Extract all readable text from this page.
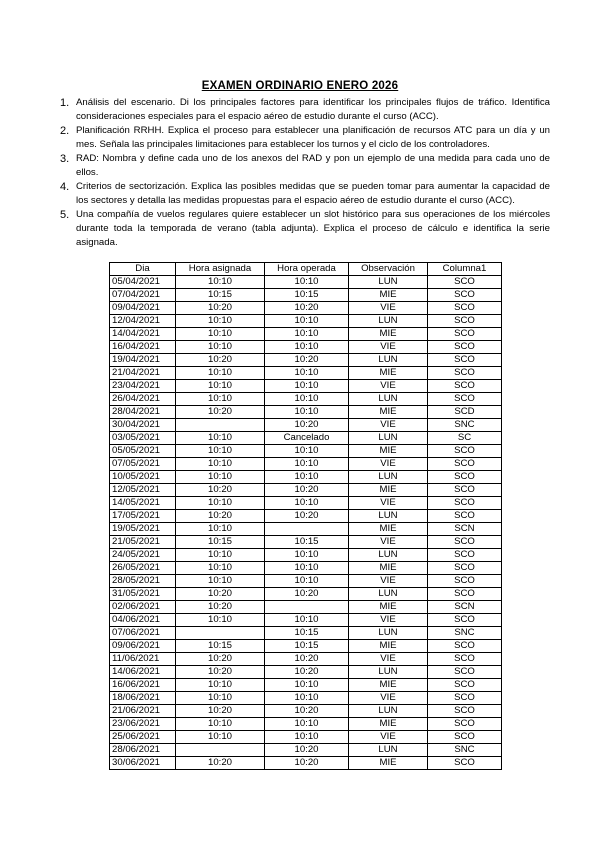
EXAMEN ORDINARIO ENERO 2026
1. Análisis del escenario. Di los principales factores para identificar los principales flujos de tráfico. Identifica consideraciones especiales para el espacio aéreo de estudio durante el curso (ACC).
2. Planificación RRHH. Explica el proceso para establecer una planificación de recursos ATC para un día y un mes. Señala las principales limitaciones para establecer los turnos y el ciclo de los controladores.
3. RAD: Nombra y define cada uno de los anexos del RAD y pon un ejemplo de una medida para cada uno de ellos.
4. Criterios de sectorización. Explica las posibles medidas que se pueden tomar para aumentar la capacidad de los sectores y detalla las medidas propuestas para el espacio aéreo de estudio durante el curso (ACC).
5. Una compañía de vuelos regulares quiere establecer un slot histórico para sus operaciones de los miércoles durante toda la temporada de verano (tabla adjunta). Explica el proceso de cálculo e identifica la serie asignada.
Dia	Hora asignada	Hora operada	Observación	Columna1
05/04/2021	10:10	10:10	LUN	SCO
07/04/2021	10:15	10:15	MIE	SCO
09/04/2021	10:20	10:20	VIE	SCO
12/04/2021	10:10	10:10	LUN	SCO
14/04/2021	10:10	10:10	MIE	SCO
16/04/2021	10:10	10:10	VIE	SCO
19/04/2021	10:20	10:20	LUN	SCO
21/04/2021	10:10	10:10	MIE	SCO
23/04/2021	10:10	10:10	VIE	SCO
26/04/2021	10:10	10:10	LUN	SCO
28/04/2021	10:20	10:10	MIE	SCD
30/04/2021		10:20	VIE	SNC
03/05/2021	10:10	Cancelado	LUN	SC
05/05/2021	10:10	10:10	MIE	SCO
07/05/2021	10:10	10:10	VIE	SCO
10/05/2021	10:10	10:10	LUN	SCO
12/05/2021	10:20	10:20	MIE	SCO
14/05/2021	10:10	10:10	VIE	SCO
17/05/2021	10:20	10:20	LUN	SCO
19/05/2021	10:10		MIE	SCN
21/05/2021	10:15	10:15	VIE	SCO
24/05/2021	10:10	10:10	LUN	SCO
26/05/2021	10:10	10:10	MIE	SCO
28/05/2021	10:10	10:10	VIE	SCO
31/05/2021	10:20	10:20	LUN	SCO
02/06/2021	10:20		MIE	SCN
04/06/2021	10:10	10:10	VIE	SCO
07/06/2021		10:15	LUN	SNC
09/06/2021	10:15	10:15	MIE	SCO
11/06/2021	10:20	10:20	VIE	SCO
14/06/2021	10:20	10:20	LUN	SCO
16/06/2021	10:10	10:10	MIE	SCO
18/06/2021	10:10	10:10	VIE	SCO
21/06/2021	10:20	10:20	LUN	SCO
23/06/2021	10:10	10:10	MIE	SCO
25/06/2021	10:10	10:10	VIE	SCO
28/06/2021		10:20	LUN	SNC
30/06/2021	10:20	10:20	MIE	SCO
